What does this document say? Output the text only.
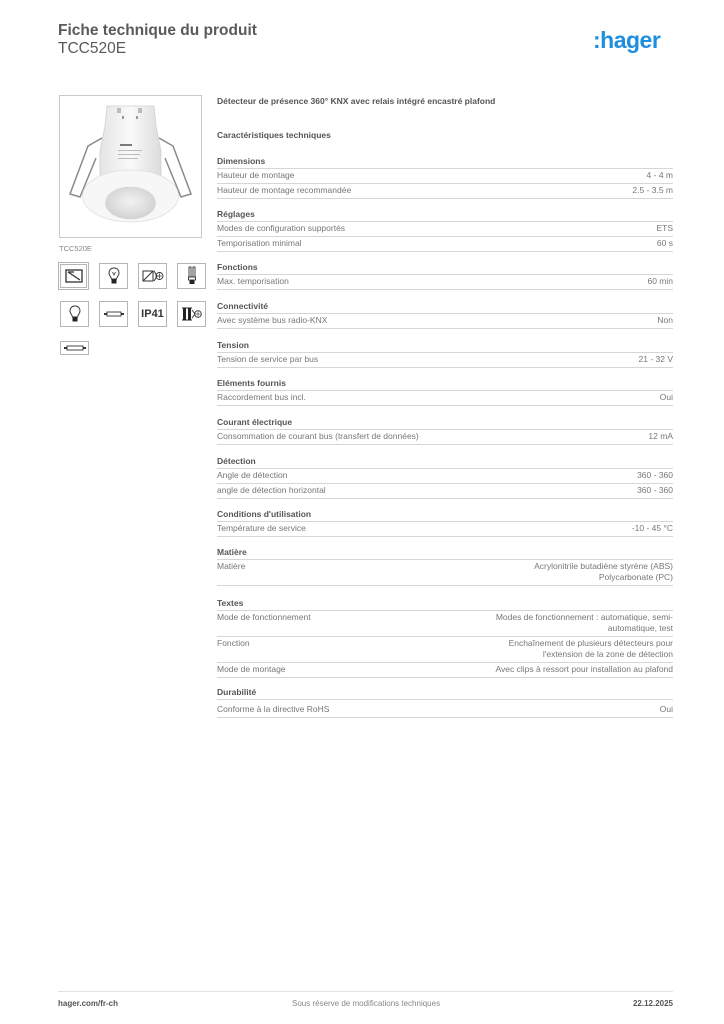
Fiche technique du produit
TCC520E	:hager
TCC520E
IP41
Détecteur de présence 360° KNX avec relais intégré encastré plafond
Caractéristiques techniques
Dimensions
Hauteur de montage	4 - 4 m
Hauteur de montage recommandée	2.5 - 3.5 m
Réglages
Modes de configuration supportés	ETS
Temporisation minimal	60 s
Fonctions
Max. temporisation	60 min
Connectivité
Avec système bus radio-KNX	Non
Tension
Tension de service par bus	21 - 32 V
Eléments fournis
Raccordement bus incl.	Oui
Courant électrique
Consommation de courant bus (transfert de données)	12 mA
Détection
Angle de détection	360 - 360
angle de détection horizontal	360 - 360
Conditions d'utilisation
Température de service	-10 - 45 °C
Matière
Matière	Acrylonitrile butadiène styrène (ABS)
Polycarbonate (PC)
Textes
Mode de fonctionnement	Modes de fonctionnement : automatique, semi-
automatique, test
Fonction	Enchaînement de plusieurs détecteurs pour
l'extension de la zone de détection
Mode de montage	Avec clips à ressort pour installation au plafond
Durabilité
Conforme à la directive RoHS	Oui
hager.com/fr-ch	Sous réserve de modifications techniques	22.12.2025
